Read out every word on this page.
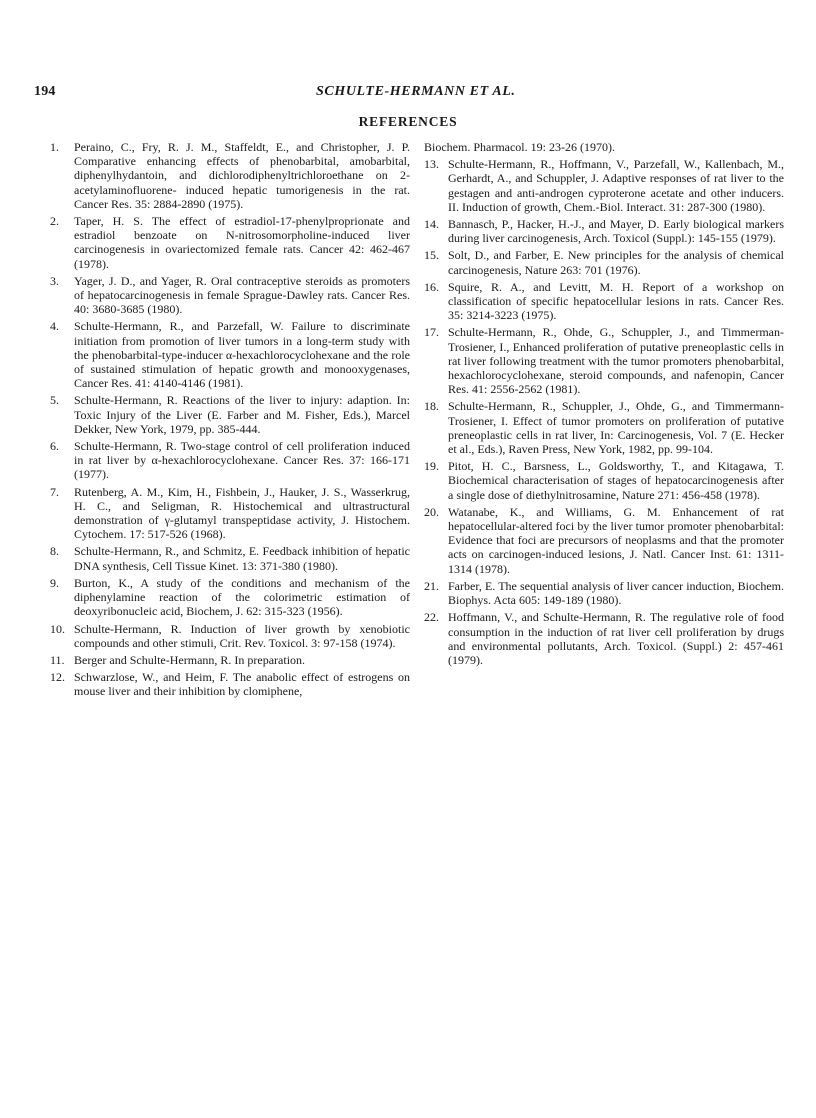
194	SCHULTE-HERMANN ET AL.
REFERENCES
1. Peraino, C., Fry, R. J. M., Staffeldt, E., and Christopher, J. P. Comparative enhancing effects of phenobarbital, amobarbital, diphenylhydantoin, and dichlorodiphenyltrichloroethane on 2-acetylaminofluorene- induced hepatic tumorigenesis in the rat. Cancer Res. 35: 2884-2890 (1975).
2. Taper, H. S. The effect of estradiol-17-phenylproprionate and estradiol benzoate on N-nitrosomorpholine-induced liver carcinogenesis in ovariectomized female rats. Cancer 42: 462-467 (1978).
3. Yager, J. D., and Yager, R. Oral contraceptive steroids as promoters of hepatocarcinogenesis in female Sprague-Dawley rats. Cancer Res. 40: 3680-3685 (1980).
4. Schulte-Hermann, R., and Parzefall, W. Failure to discriminate initiation from promotion of liver tumors in a long-term study with the phenobarbital-type-inducer α-hexachlorocyclohexane and the role of sustained stimulation of hepatic growth and monooxygenases, Cancer Res. 41: 4140-4146 (1981).
5. Schulte-Hermann, R. Reactions of the liver to injury: adaption. In: Toxic Injury of the Liver (E. Farber and M. Fisher, Eds.), Marcel Dekker, New York, 1979, pp. 385-444.
6. Schulte-Hermann, R. Two-stage control of cell proliferation induced in rat liver by α-hexachlorocyclohexane. Cancer Res. 37: 166-171 (1977).
7. Rutenberg, A. M., Kim, H., Fishbein, J., Hauker, J. S., Wasserkrug, H. C., and Seligman, R. Histochemical and ultrastructural demonstration of γ-glutamyl transpeptidase activity, J. Histochem. Cytochem. 17: 517-526 (1968).
8. Schulte-Hermann, R., and Schmitz, E. Feedback inhibition of hepatic DNA synthesis, Cell Tissue Kinet. 13: 371-380 (1980).
9. Burton, K., A study of the conditions and mechanism of the diphenylamine reaction of the colorimetric estimation of deoxyribonucleic acid, Biochem, J. 62: 315-323 (1956).
10. Schulte-Hermann, R. Induction of liver growth by xenobiotic compounds and other stimuli, Crit. Rev. Toxicol. 3: 97-158 (1974).
11. Berger and Schulte-Hermann, R. In preparation.
12. Schwarzlose, W., and Heim, F. The anabolic effect of estrogens on mouse liver and their inhibition by clomiphene,
Biochem. Pharmacol. 19: 23-26 (1970).
13. Schulte-Hermann, R., Hoffmann, V., Parzefall, W., Kallenbach, M., Gerhardt, A., and Schuppler, J. Adaptive responses of rat liver to the gestagen and anti-androgen cyproterone acetate and other inducers. II. Induction of growth, Chem.-Biol. Interact. 31: 287-300 (1980).
14. Bannasch, P., Hacker, H.-J., and Mayer, D. Early biological markers during liver carcinogenesis, Arch. Toxicol (Suppl.): 145-155 (1979).
15. Solt, D., and Farber, E. New principles for the analysis of chemical carcinogenesis, Nature 263: 701 (1976).
16. Squire, R. A., and Levitt, M. H. Report of a workshop on classification of specific hepatocellular lesions in rats. Cancer Res. 35: 3214-3223 (1975).
17. Schulte-Hermann, R., Ohde, G., Schuppler, J., and Timmerman-Trosiener, I., Enhanced proliferation of putative preneoplastic cells in rat liver following treatment with the tumor promoters phenobarbital, hexachlorocyclohexane, steroid compounds, and nafenopin, Cancer Res. 41: 2556-2562 (1981).
18. Schulte-Hermann, R., Schuppler, J., Ohde, G., and Timmermann-Trosiener, I. Effect of tumor promoters on proliferation of putative preneoplastic cells in rat liver, In: Carcinogenesis, Vol. 7 (E. Hecker et al., Eds.), Raven Press, New York, 1982, pp. 99-104.
19. Pitot, H. C., Barsness, L., Goldsworthy, T., and Kitagawa, T. Biochemical characterisation of stages of hepatocarcinogenesis after a single dose of diethylnitrosamine, Nature 271: 456-458 (1978).
20. Watanabe, K., and Williams, G. M. Enhancement of rat hepatocellular-altered foci by the liver tumor promoter phenobarbital: Evidence that foci are precursors of neoplasms and that the promoter acts on carcinogen-induced lesions, J. Natl. Cancer Inst. 61: 1311-1314 (1978).
21. Farber, E. The sequential analysis of liver cancer induction, Biochem. Biophys. Acta 605: 149-189 (1980).
22. Hoffmann, V., and Schulte-Hermann, R. The regulative role of food consumption in the induction of rat liver cell proliferation by drugs and environmental pollutants, Arch. Toxicol. (Suppl.) 2: 457-461 (1979).
